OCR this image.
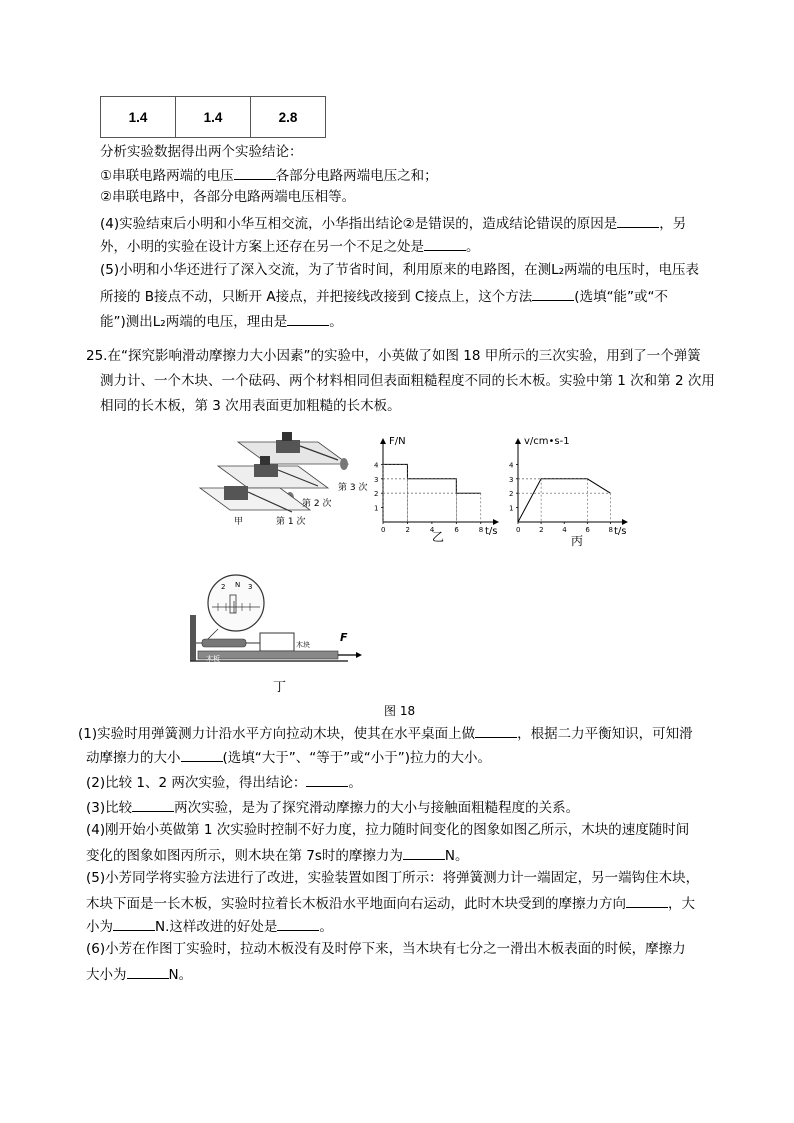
1.4	1.4	2.8
分析实验数据得出两个实验结论：
①串联电路两端的电压	各部分电路两端电压之和；
②串联电路中，各部分电路两端电压相等。
(4)实验结束后小明和小华互相交流，小华指出结论②是错误的，造成结论错误的原因是	，另
外，小明的实验在设计方案上还存在另一个不足之处是	。
(5)小明和小华还进行了深入交流，为了节省时间，利用原来的电路图，在测L₂两端的电压时，电压表
所接的 B接点不动，只断开 A接点，并把接线改接到 C接点上，这个方法	(选填“能”或“不
能”)测出L₂两端的电压，理由是	。
25.在“探究影响滑动摩擦力大小因素”的实验中，小英做了如图 18 甲所示的三次实验，用到了一个弹簧
测力计、一个木块、一个砝码、两个材料相同但表面粗糙程度不同的长木板。实验中第 1 次和第 2 次用
相同的长木板，第 3 次用表面更加粗糙的长木板。
第 3 次
第 2 次
第 1 次
甲
1
2
3
4
0	2	4	6	8
F/N
t/s
乙
1
2
3
4
0	2	4	6	8
v/cm•s-1
t/s
丙
2 N 3
木板
木块
F
丁
图 18
(1)实验时用弹簧测力计沿水平方向拉动木块，使其在水平桌面上做	，根据二力平衡知识，可知滑
动摩擦力的大小	(选填“大于”、“等于”或“小于”)拉力的大小。
(2)比较 1、2 两次实验，得出结论：	。
(3)比较	两次实验，是为了探究滑动摩擦力的大小与接触面粗糙程度的关系。
(4)刚开始小英做第 1 次实验时控制不好力度，拉力随时间变化的图象如图乙所示，木块的速度随时间
变化的图象如图丙所示，则木块在第 7s时的摩擦力为	N。
(5)小芳同学将实验方法进行了改进，实验装置如图丁所示：将弹簧测力计一端固定，另一端钩住木块，
木块下面是一长木板，实验时拉着长木板沿水平地面向右运动，此时木块受到的摩擦力方向	，大
小为	N.这样改进的好处是	。
(6)小芳在作图丁实验时，拉动木板没有及时停下来，当木块有七分之一滑出木板表面的时候，摩擦力
大小为	N。
